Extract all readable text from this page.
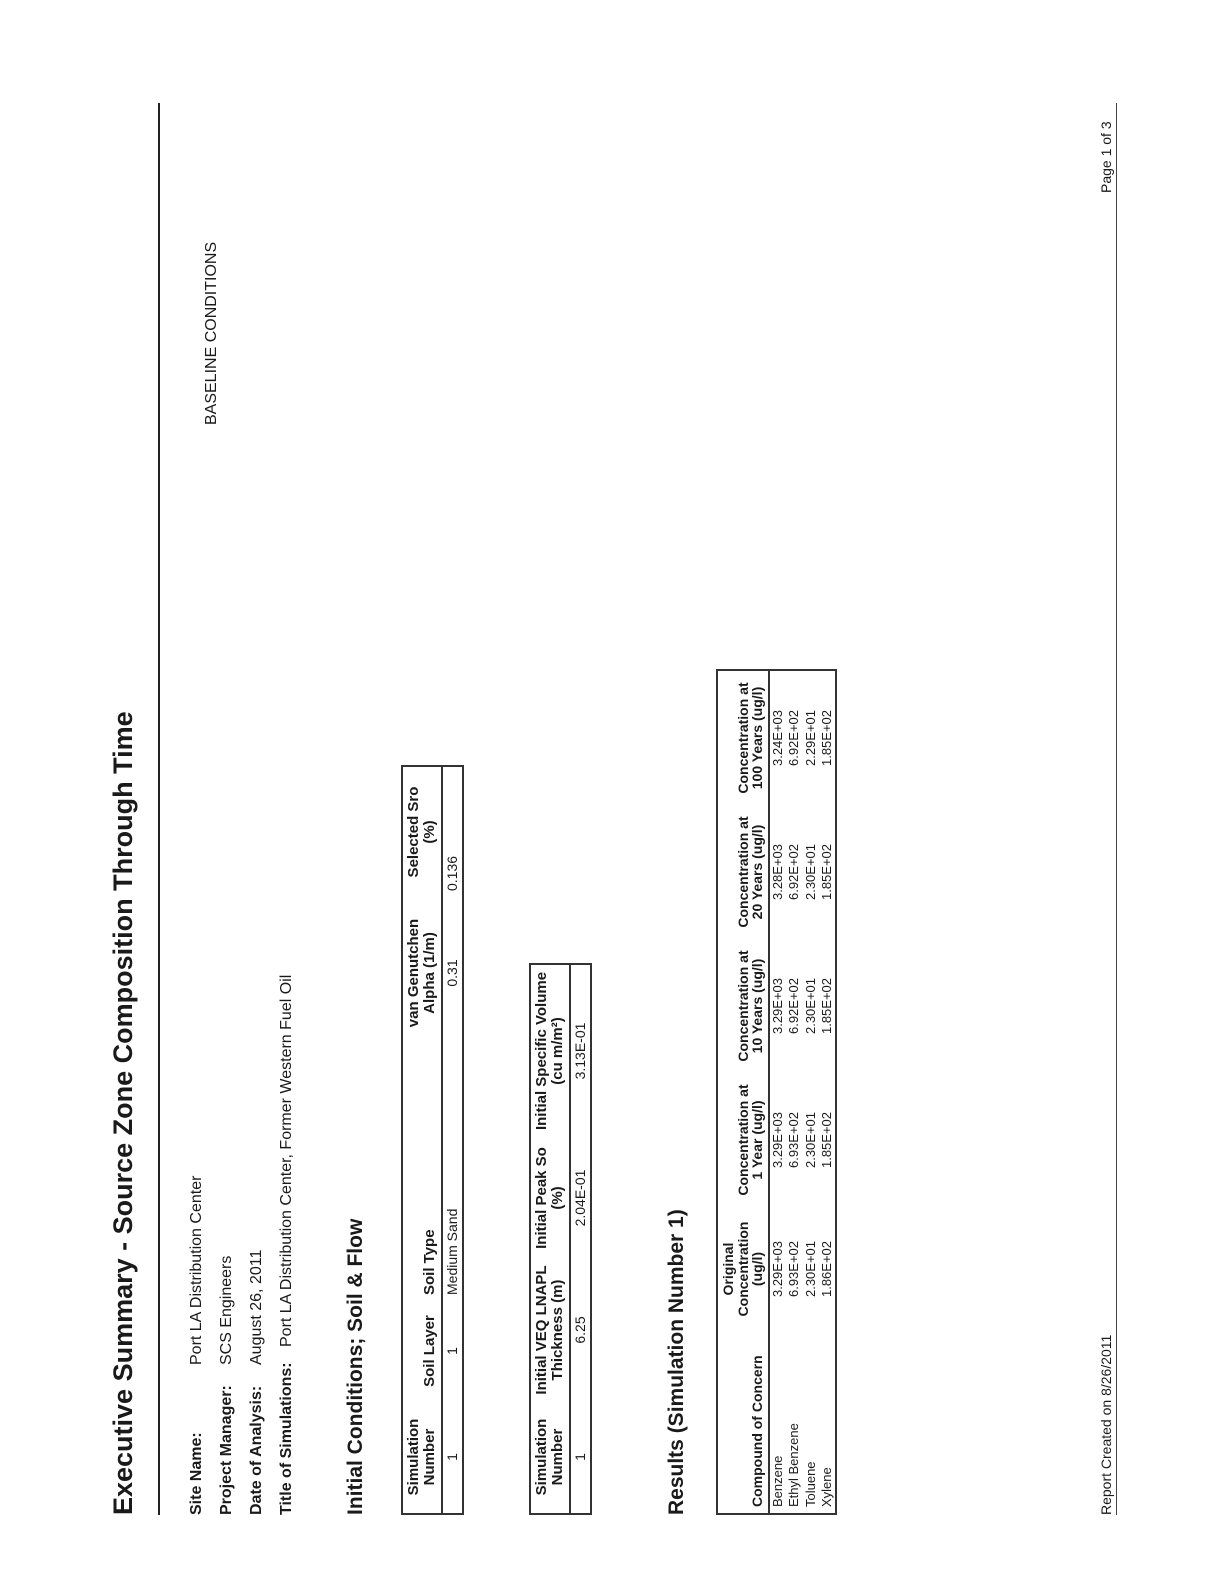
Executive Summary - Source Zone Composition Through Time	Site Name:
Port LA Distribution Center
Project Manager:
SCS Engineers
Date of Analysis:
August 26, 2011
Title of Simulations:
Port LA Distribution Center, Former Western Fuel Oil
BASELINE CONDITIONS
Initial Conditions; Soil & Flow	Simulation Number	Soil Layer	Soil Type	van Genutchen Alpha (1/m)	Selected Sro (%)
1	1	Medium Sand	0.31	0.136
Simulation Number	Initial VEQ LNAPL Thickness (m)	Initial Peak So (%)	Initial Specific Volume (cu m/m²)
1	6.25	2.04E-01	3.13E-01
Results (Simulation Number 1)	Compound of Concern	Original Concentration (ug/l)	Concentration at 1 Year (ug/l)	Concentration at 10 Years (ug/l)	Concentration at 20 Years (ug/l)	Concentration at 100 Years (ug/l)
Benzene	3.29E+03	3.29E+03	3.29E+03	3.28E+03	3.24E+03
Ethyl Benzene	6.93E+02	6.93E+02	6.92E+02	6.92E+02	6.92E+02
Toluene	2.30E+01	2.30E+01	2.30E+01	2.30E+01	2.29E+01
Xylene	1.86E+02	1.85E+02	1.85E+02	1.85E+02	1.85E+02
Report Created on 8/26/2011
Page 1 of 3
